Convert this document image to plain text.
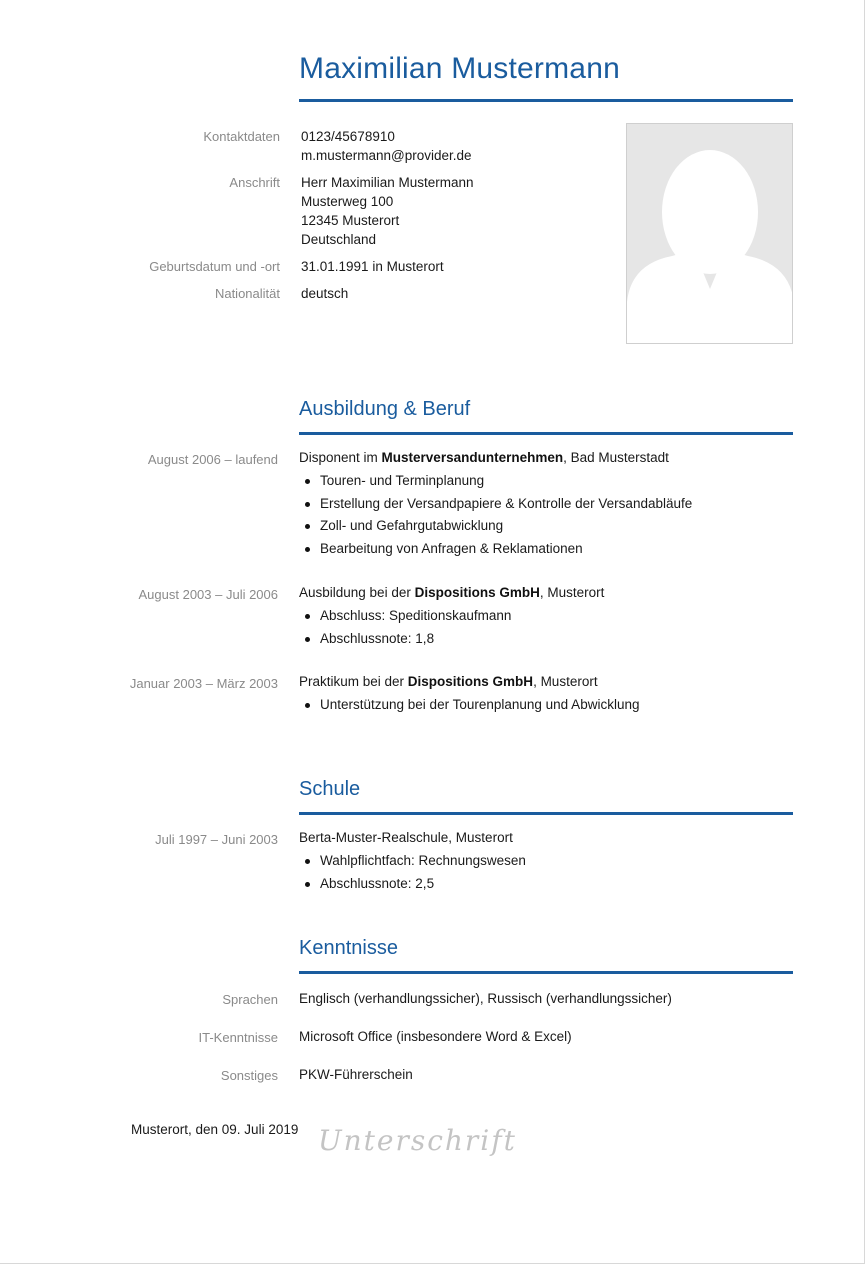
Maximilian Mustermann
Kontaktdaten 0123/45678910
m.mustermann@provider.de
Anschrift Herr Maximilian Mustermann
Musterweg 100
12345 Musterort
Deutschland
Geburtsdatum und -ort 31.01.1991 in Musterort
Nationalität deutsch
Ausbildung & Beruf
August 2006 – laufend Disponent im Musterversandunternehmen, Bad Musterstadt
Touren- und Terminplanung
Erstellung der Versandpapiere & Kontrolle der Versandabläufe
Zoll- und Gefahrgutabwicklung
Bearbeitung von Anfragen & Reklamationen
August 2003 – Juli 2006 Ausbildung bei der Dispositions GmbH, Musterort
Abschluss: Speditionskaufmann
Abschlussnote: 1,8
Januar 2003 – März 2003 Praktikum bei der Dispositions GmbH, Musterort
Unterstützung bei der Tourenplanung und Abwicklung
Schule
Juli 1997 – Juni 2003 Berta-Muster-Realschule, Musterort
Wahlpflichtfach: Rechnungswesen
Abschlussnote: 2,5
Kenntnisse
Sprachen Englisch (verhandlungssicher), Russisch (verhandlungssicher)
IT-Kenntnisse Microsoft Office (insbesondere Word & Excel)
Sonstiges PKW-Führerschein
Musterort, den 09. Juli 2019 Unterschrift
